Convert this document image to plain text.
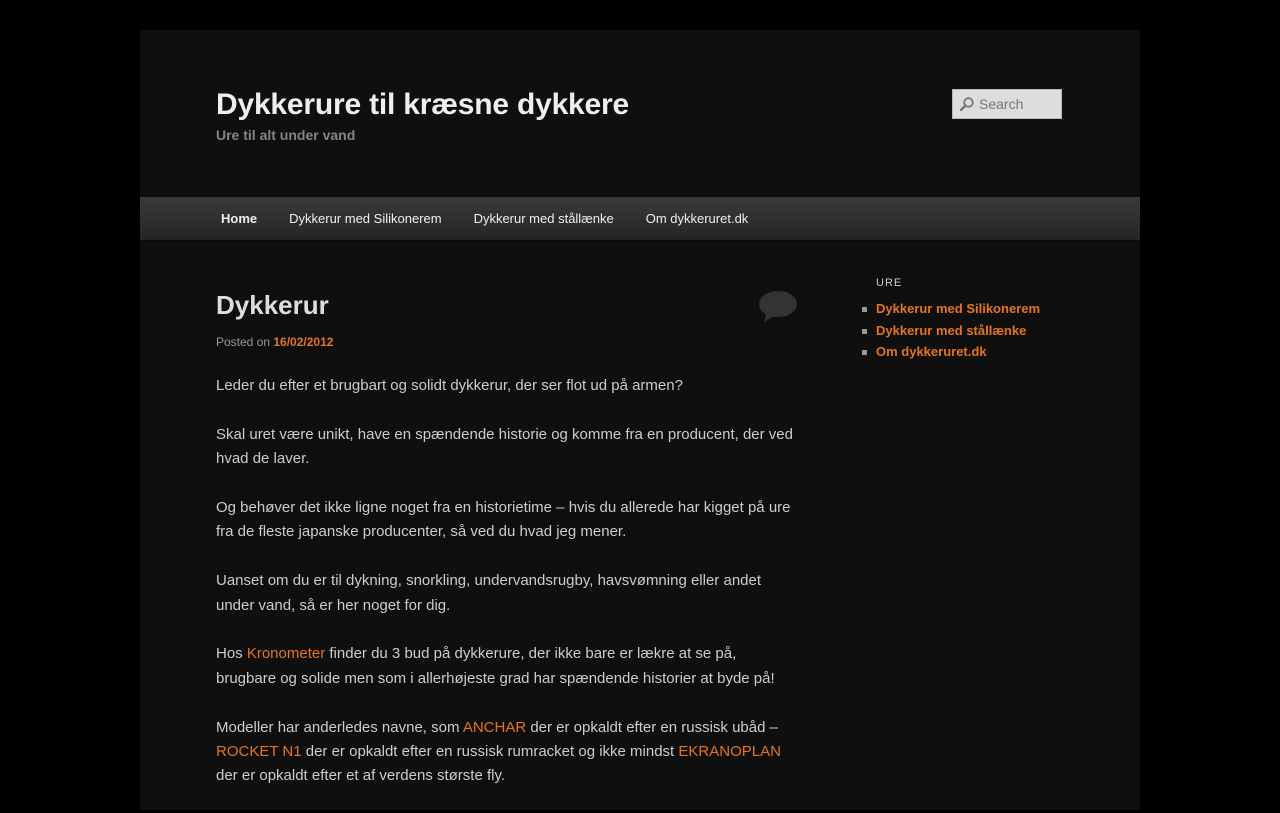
Dykkerure til kræsne dykkere
Ure til alt under vand
Search
Home	Dykkerur med Silikonerem	Dykkerur med stållænke	Om dykkeruret.dk
Dykkerur
Posted on 16/02/2012

Leder du efter et brugbart og solidt dykkerur, der ser flot ud på armen?

Skal uret være unikt, have en spændende historie og komme fra en producent, der ved hvad de laver.

Og behøver det ikke ligne noget fra en historietime – hvis du allerede har kigget på ure fra de fleste japanske producenter, så ved du hvad jeg mener.

Uanset om du er til dykning, snorkling, undervandsrugby, havsvømning eller andet under vand, så er her noget for dig.

Hos Kronometer finder du 3 bud på dykkerure, der ikke bare er lækre at se på, brugbare og solide men som i allerhøjeste grad har spændende historier at byde på!

Modeller har anderledes navne, som ANCHAR der er opkaldt efter en russisk ubåd – ROCKET N1 der er opkaldt efter en russisk rumracket og ikke mindst EKRANOPLAN der er opkaldt efter et af verdens største fly.

URE
Dykkerur med Silikonerem
Dykkerur med stållænke
Om dykkeruret.dk
